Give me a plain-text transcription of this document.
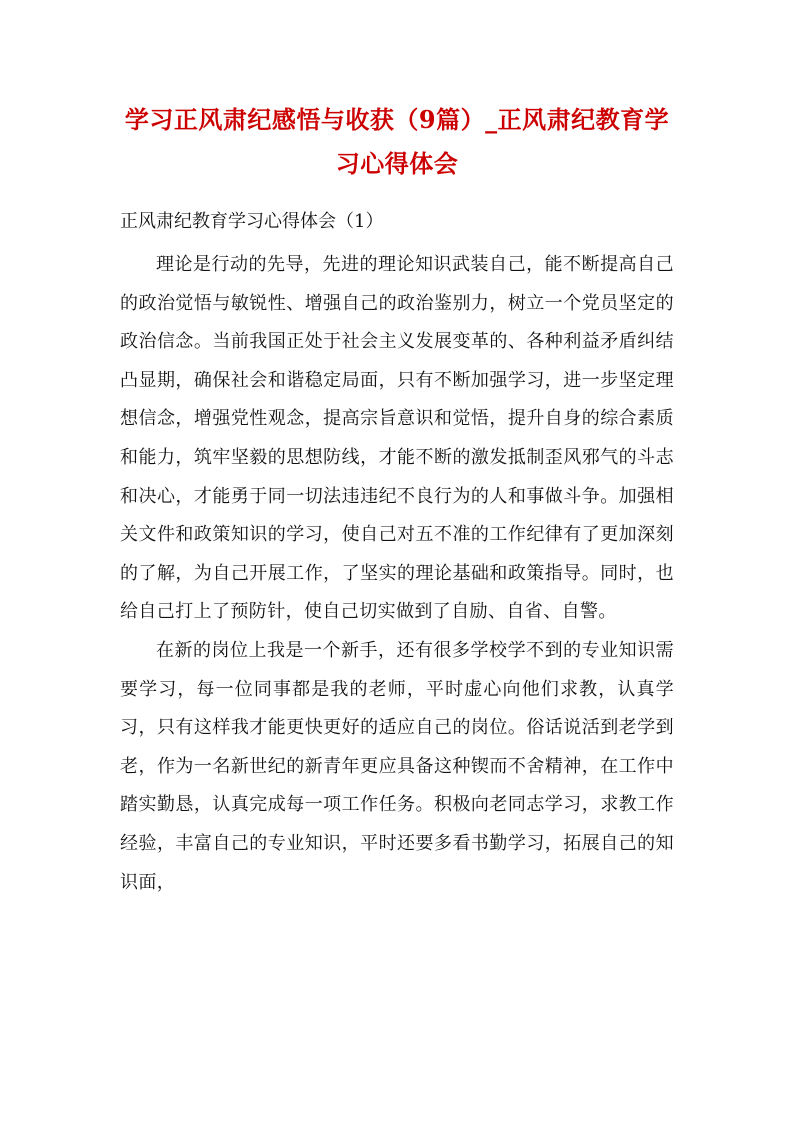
学习正风肃纪感悟与收获（9篇）_正风肃纪教育学习心得体会
正风肃纪教育学习心得体会（1）

理论是行动的先导，先进的理论知识武装自己，能不断提高自己的政治觉悟与敏锐性、增强自己的政治鉴别力，树立一个党员坚定的政治信念。当前我国正处于社会主义发展变革的、各种利益矛盾纠结凸显期，确保社会和谐稳定局面，只有不断加强学习，进一步坚定理想信念，增强党性观念，提高宗旨意识和觉悟，提升自身的综合素质和能力，筑牢坚毅的思想防线，才能不断的激发抵制歪风邪气的斗志和决心，才能勇于同一切法违违纪不良行为的人和事做斗争。加强相关文件和政策知识的学习，使自己对五不准的工作纪律有了更加深刻的了解，为自己开展工作，了坚实的理论基础和政策指导。同时，也给自己打上了预防针，使自己切实做到了自励、自省、自警。

在新的岗位上我是一个新手，还有很多学校学不到的专业知识需要学习，每一位同事都是我的老师，平时虚心向他们求教，认真学习，只有这样我才能更快更好的适应自己的岗位。俗话说活到老学到老，作为一名新世纪的新青年更应具备这种锲而不舍精神，在工作中踏实勤恳，认真完成每一项工作任务。积极向老同志学习，求教工作经验，丰富自己的专业知识，平时还要多看书勤学习，拓展自己的知识面，
